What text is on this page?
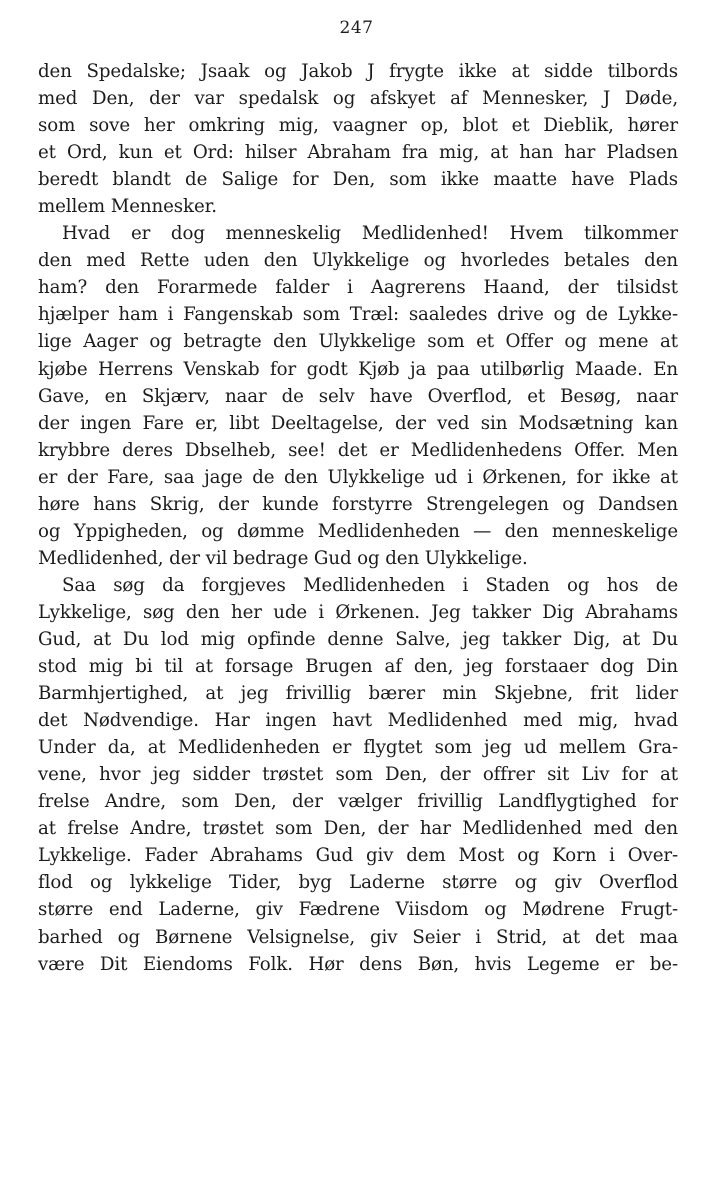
247
den Spedalske; Jsaak og Jakob J frygte ikke at sidde tilbords
med Den, der var spedalsk og afskyet af Mennesker, J Døde,
som sove her omkring mig, vaagner op, blot et Dieblik, hører
et Ord, kun et Ord: hilser Abraham fra mig, at han har Pladsen
beredt blandt de Salige for Den, som ikke maatte have Plads
mellem Mennesker.
Hvad er dog menneskelig Medlidenhed! Hvem tilkommer
den med Rette uden den Ulykkelige og hvorledes betales den
ham? den Forarmede falder i Aagrerens Haand, der tilsidst
hjælper ham i Fangenskab som Træl: saaledes drive og de Lykke-
lige Aager og betragte den Ulykkelige som et Offer og mene at
kjøbe Herrens Venskab for godt Kjøb ja paa utilbørlig Maade. En
Gave, en Skjærv, naar de selv have Overflod, et Besøg, naar
der ingen Fare er, libt Deeltagelse, der ved sin Modsætning kan
krybbre deres Dbselheb, see! det er Medlidenhedens Offer. Men
er der Fare, saa jage de den Ulykkelige ud i Ørkenen, for ikke at
høre hans Skrig, der kunde forstyrre Strengelegen og Dandsen
og Yppigheden, og dømme Medlidenheden — den menneskelige
Medlidenhed, der vil bedrage Gud og den Ulykkelige.
Saa søg da forgjeves Medlidenheden i Staden og hos de
Lykkelige, søg den her ude i Ørkenen. Jeg takker Dig Abrahams
Gud, at Du lod mig opfinde denne Salve, jeg takker Dig, at Du
stod mig bi til at forsage Brugen af den, jeg forstaaer dog Din
Barmhjertighed, at jeg frivillig bærer min Skjebne, frit lider
det Nødvendige. Har ingen havt Medlidenhed med mig, hvad
Under da, at Medlidenheden er flygtet som jeg ud mellem Gra-
vene, hvor jeg sidder trøstet som Den, der offrer sit Liv for at
frelse Andre, som Den, der vælger frivillig Landflygtighed for
at frelse Andre, trøstet som Den, der har Medlidenhed med den
Lykkelige. Fader Abrahams Gud giv dem Most og Korn i Over-
flod og lykkelige Tider, byg Laderne større og giv Overflod
større end Laderne, giv Fædrene Viisdom og Mødrene Frugt-
barhed og Børnene Velsignelse, giv Seier i Strid, at det maa
være Dit Eiendoms Folk. Hør dens Bøn, hvis Legeme er be-
